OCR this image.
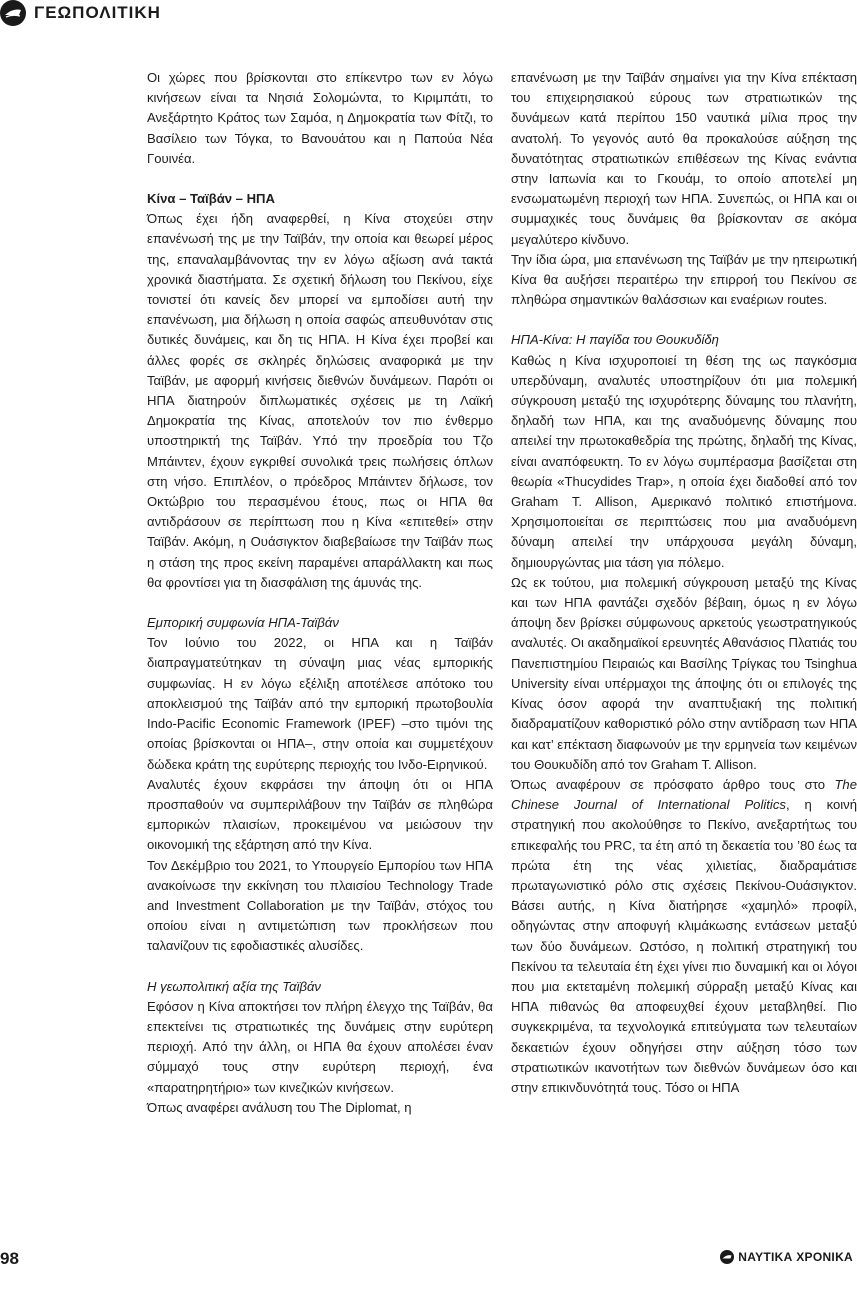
ΓΕΩΠΟΛΙΤΙΚΗ

Οι χώρες που βρίσκονται στο επίκεντρο των εν λόγω κινήσεων είναι τα Νησιά Σολομώντα, το Κιριμπάτι, το Ανεξάρτητο Κράτος των Σαμόα, η Δημοκρατία των Φίτζι, το Βασίλειο των Τόγκα, το Βανουάτου και η Παπούα Νέα Γουινέα.

Κίνα – Ταϊβάν – ΗΠΑ

Όπως έχει ήδη αναφερθεί, η Κίνα στοχεύει στην επανένωσή της με την Ταϊβάν, την οποία και θεωρεί μέρος της, επαναλαμβάνοντας την εν λόγω αξίωση ανά τακτά χρονικά διαστήματα. Σε σχετική δήλωση του Πεκίνου, είχε τονιστεί ότι κανείς δεν μπορεί να εμποδίσει αυτή την επανένωση, μια δήλωση η οποία σαφώς απευθυνόταν στις δυτικές δυνάμεις, και δη τις ΗΠΑ. Η Κίνα έχει προβεί και άλλες φορές σε σκληρές δηλώσεις αναφορικά με την Ταϊβάν, με αφορμή κινήσεις διεθνών δυνάμεων. Παρότι οι ΗΠΑ διατηρούν διπλωματικές σχέσεις με τη Λαϊκή Δημοκρατία της Κίνας, αποτελούν τον πιο ένθερμο υποστηρικτή της Ταϊβάν. Υπό την προεδρία του Τζο Μπάιντεν, έχουν εγκριθεί συνολικά τρεις πωλήσεις όπλων στη νήσο. Επιπλέον, ο πρόεδρος Μπάιντεν δήλωσε, τον Οκτώβριο του περασμένου έτους, πως οι ΗΠΑ θα αντιδράσουν σε περίπτωση που η Κίνα «επιτεθεί» στην Ταϊβάν. Ακόμη, η Ουάσιγκτον διαβεβαίωσε την Ταϊβάν πως η στάση της προς εκείνη παραμένει απαράλλακτη και πως θα φροντίσει για τη διασφάλιση της άμυνάς της.

Εμπορική συμφωνία ΗΠΑ-Ταϊβάν

Τον Ιούνιο του 2022, οι ΗΠΑ και η Ταϊβάν διαπραγματεύτηκαν τη σύναψη μιας νέας εμπορικής συμφωνίας. Η εν λόγω εξέλιξη αποτέλεσε απότοκο του αποκλεισμού της Ταϊβάν από την εμπορική πρωτοβουλία Indo-Pacific Economic Framework (IPEF) –στο τιμόνι της οποίας βρίσκονται οι ΗΠΑ–, στην οποία και συμμετέχουν δώδεκα κράτη της ευρύτερης περιοχής του Ινδο-Ειρηνικού.

Αναλυτές έχουν εκφράσει την άποψη ότι οι ΗΠΑ προσπαθούν να συμπεριλάβουν την Ταϊβάν σε πληθώρα εμπορικών πλαισίων, προκειμένου να μειώσουν την οικονομική της εξάρτηση από την Κίνα.

Τον Δεκέμβριο του 2021, το Υπουργείο Εμπορίου των ΗΠΑ ανακοίνωσε την εκκίνηση του πλαισίου Technology Trade and Investment Collaboration με την Ταϊβάν, στόχος του οποίου είναι η αντιμετώπιση των προκλήσεων που ταλανίζουν τις εφοδιαστικές αλυσίδες.

Η γεωπολιτική αξία της Ταϊβάν

Εφόσον η Κίνα αποκτήσει τον πλήρη έλεγχο της Ταϊβάν, θα επεκτείνει τις στρατιωτικές της δυνάμεις στην ευρύτερη περιοχή. Από την άλλη, οι ΗΠΑ θα έχουν απολέσει έναν σύμμαχό τους στην ευρύτερη περιοχή, ένα «παρατηρητήριο» των κινεζικών κινήσεων.

Όπως αναφέρει ανάλυση του The Diplomat, η

επανένωση με την Ταϊβάν σημαίνει για την Κίνα επέκταση του επιχειρησιακού εύρους των στρατιωτικών της δυνάμεων κατά περίπου 150 ναυτικά μίλια προς την ανατολή. Το γεγονός αυτό θα προκαλούσε αύξηση της δυνατότητας στρατιωτικών επιθέσεων της Κίνας ενάντια στην Ιαπωνία και το Γκουάμ, το οποίο αποτελεί μη ενσωματωμένη περιοχή των ΗΠΑ. Συνεπώς, οι ΗΠΑ και οι συμμαχικές τους δυνάμεις θα βρίσκονταν σε ακόμα μεγαλύτερο κίνδυνο.

Την ίδια ώρα, μια επανένωση της Ταϊβάν με την ηπειρωτική Κίνα θα αυξήσει περαιτέρω την επιρροή του Πεκίνου σε πληθώρα σημαντικών θαλάσσιων και εναέριων routes.

ΗΠΑ-Κίνα: Η παγίδα του Θουκυδίδη

Καθώς η Κίνα ισχυροποιεί τη θέση της ως παγκόσμια υπερδύναμη, αναλυτές υποστηρίζουν ότι μια πολεμική σύγκρουση μεταξύ της ισχυρότερης δύναμης του πλανήτη, δηλαδή των ΗΠΑ, και της αναδυόμενης δύναμης που απειλεί την πρωτοκαθεδρία της πρώτης, δηλαδή της Κίνας, είναι αναπόφευκτη. Το εν λόγω συμπέρασμα βασίζεται στη θεωρία «Thucydides Trap», η οποία έχει διαδοθεί από τον Graham T. Allison, Αμερικανό πολιτικό επιστήμονα. Χρησιμοποιείται σε περιπτώσεις που μια αναδυόμενη δύναμη απειλεί την υπάρχουσα μεγάλη δύναμη, δημιουργώντας μια τάση για πόλεμο.

Ως εκ τούτου, μια πολεμική σύγκρουση μεταξύ της Κίνας και των ΗΠΑ φαντάζει σχεδόν βέβαιη, όμως η εν λόγω άποψη δεν βρίσκει σύμφωνους αρκετούς γεωστρατηγικούς αναλυτές. Οι ακαδημαϊκοί ερευνητές Αθανάσιος Πλατιάς του Πανεπιστημίου Πειραιώς και Βασίλης Τρίγκας του Tsinghua University είναι υπέρμαχοι της άποψης ότι οι επιλογές της Κίνας όσον αφορά την αναπτυξιακή της πολιτική διαδραματίζουν καθοριστικό ρόλο στην αντίδραση των ΗΠΑ και κατ’ επέκταση διαφωνούν με την ερμηνεία των κειμένων του Θουκυδίδη από τον Graham T. Allison.

Όπως αναφέρουν σε πρόσφατο άρθρο τους στο The Chinese Journal of International Politics, η κοινή στρατηγική που ακολούθησε το Πεκίνο, ανεξαρτήτως του επικεφαλής του PRC, τα έτη από τη δεκαετία του ’80 έως τα πρώτα έτη της νέας χιλιετίας, διαδραμάτισε πρωταγωνιστικό ρόλο στις σχέσεις Πεκίνου-Ουάσιγκτον. Βάσει αυτής, η Κίνα διατήρησε «χαμηλό» προφίλ, οδηγώντας στην αποφυγή κλιμάκωσης εντάσεων μεταξύ των δύο δυνάμεων. Ωστόσο, η πολιτική στρατηγική του Πεκίνου τα τελευταία έτη έχει γίνει πιο δυναμική και οι λόγοι που μια εκτεταμένη πολεμική σύρραξη μεταξύ Κίνας και ΗΠΑ πιθανώς θα αποφευχθεί έχουν μεταβληθεί. Πιο συγκεκριμένα, τα τεχνολογικά επιτεύγματα των τελευταίων δεκαετιών έχουν οδηγήσει στην αύξηση τόσο των στρατιωτικών ικανοτήτων των διεθνών δυνάμεων όσο και στην επικινδυνότητά τους. Τόσο οι ΗΠΑ

98	ΝΑΥΤΙΚΑ ΧΡΟΝΙΚΑ
